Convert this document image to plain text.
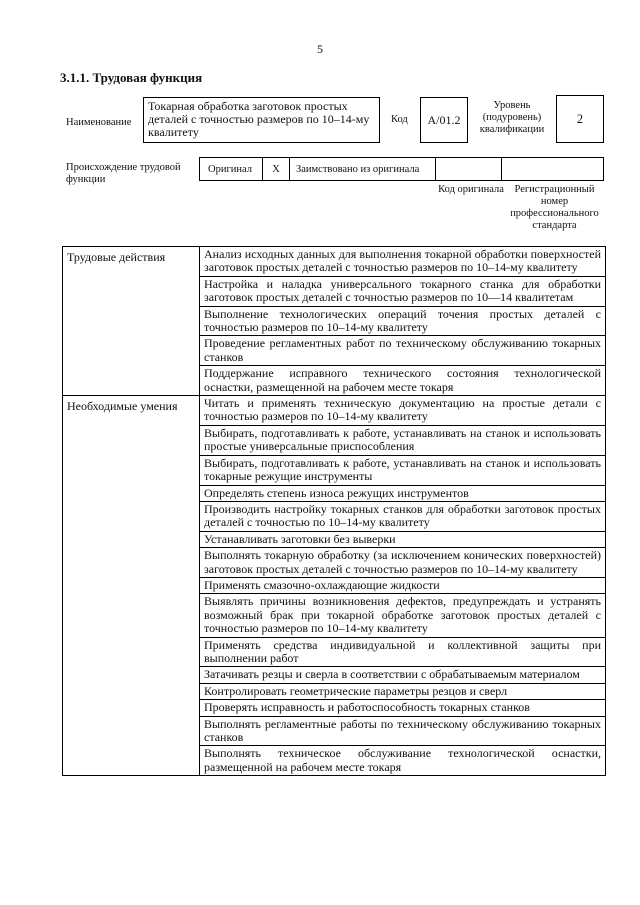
5
3.1.1. Трудовая функция
Наименование
Токарная обработка заготовок простых деталей с точностью размеров по 10–14-му квалитету
Код	A/01.2
Уровень (подуровень) квалификации
2
Происхождение трудовой функции
Оригинал	X	Заимствовано из оригинала
Код оригинала	Регистрационный номер профессионального стандарта
Трудовые действия	Анализ исходных данных для выполнения токарной обработки поверхностей заготовок простых деталей с точностью размеров по 10–14-му квалитету
	Настройка и наладка универсального токарного станка для обработки заготовок простых деталей с точностью размеров по 10—14 квалитетам
	Выполнение технологических операций точения простых деталей с точностью размеров по 10–14-му квалитету
	Проведение регламентных работ по техническому обслуживанию токарных станков
	Поддержание исправного технического состояния технологической оснастки, размещенной на рабочем месте токаря
Необходимые умения	Читать и применять техническую документацию на простые детали с точностью размеров по 10–14-му квалитету
	Выбирать, подготавливать к работе, устанавливать на станок и использовать простые универсальные приспособления
	Выбирать, подготавливать к работе, устанавливать на станок и использовать токарные режущие инструменты
	Определять степень износа режущих инструментов
	Производить настройку токарных станков для обработки заготовок простых деталей с точностью по 10–14-му квалитету
	Устанавливать заготовки без выверки
	Выполнять токарную обработку (за исключением конических поверхностей) заготовок простых деталей с точностью размеров по 10–14-му квалитету
	Применять смазочно-охлаждающие жидкости
	Выявлять причины возникновения дефектов, предупреждать и устранять возможный брак при токарной обработке заготовок простых деталей с точностью размеров по 10–14-му квалитету
	Применять средства индивидуальной и коллективной защиты при выполнении работ
	Затачивать резцы и сверла в соответствии с обрабатываемым материалом
	Контролировать геометрические параметры резцов и сверл
	Проверять исправность и работоспособность токарных станков
	Выполнять регламентные работы по техническому обслуживанию токарных станков
	Выполнять техническое обслуживание технологической оснастки, размещенной на рабочем месте токаря
